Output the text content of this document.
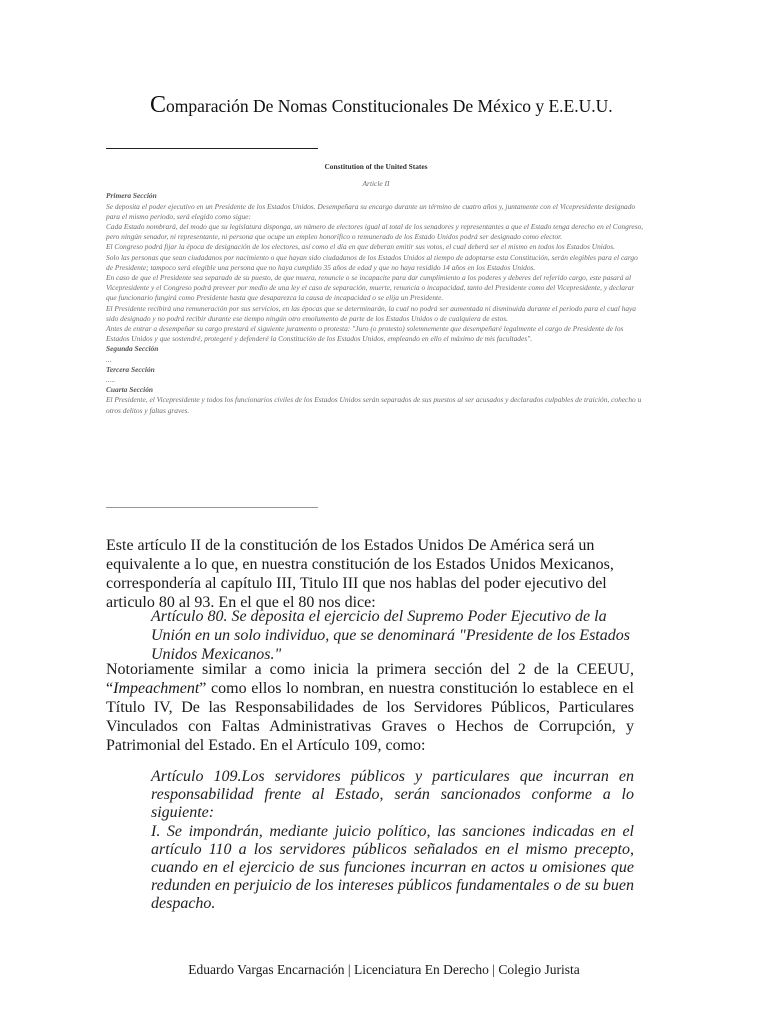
Comparación De Nomas Constitucionales De México y E.E.U.U.
Constitution of the United States
Article II

Primera Sección

Se deposita el poder ejecutivo en un Presidente de los Estados Unidos. Desempeñara su encargo durante un término de cuatro años y, juntamente con el Vicepresidente designado para el mismo periodo, será elegido como sigue:

Cada Estado nombrará, del modo que su legislatura disponga, un número de electores igual al total de los senadores y representantes a que el Estado tenga derecho en el Congreso, pero ningún senador, ni representante, ni persona que ocupe un empleo honorífico o remunerado de los Estado Unidos podrá ser designado como elector.

El Congreso podrá fijar la época de designación de los electores, así como el día en que deberan emitir sus votos, el cual deberá ser el mismo en todos los Estados Unidos.

Solo las personas que sean ciudadanos por nacimiento o que hayan sido ciudadanos de los Estados Unidos al tiempo de adoptarse esta Constitución, serán elegibles para el cargo de Presidente; tampoco será elegible una persona que no haya cumplido 35 años de edad y que no haya residido 14 años en los Estados Unidos.

En caso de que el Presidente sea separado de su puesto, de que muera, renuncie o se incapacite para dar cumplimiento a los poderes y deberes del referido cargo, este pasará al Vicepresidente y el Congreso podrá preveer por medio de una ley el caso de separación, muerte, renuncia o incapacidad, tanto del Presidente como del Vicepresidente, y declarar que funcionario fungirá como Presidente hasta que desaparezca la causa de incapacidad o se elija un Presidente.

El Presidente recibirá una remuneración por sus servicios, en las épocas que se determinarán, la cual no podrá ser aumentada ni disminuida durante el periodo para el cual haya sido designado y no podrá recibir durante ese tiempo ningún otro emolumento de parte de los Estados Unidos o de cualquiera de estos.

Antes de entrar a desempeñar su cargo prestará el siguiente juramento o protesta: "Juro (o protesto) solemnemente que desempeñaré legalmente el cargo de Presidente de los Estados Unidos y que sostendré, protegeré y defenderé la Constitución de los Estados Unidos, empleando en ello el máximo de mis facultades".

Segunda Sección

...

Tercera Sección

.....

Cuarta Sección

El Presidente, el Vicepresidente y todos los funcionarios civiles de los Estados Unidos serán separados de sus puestos al ser acusados y declarados culpables de traición, cohecho u otros delitos y faltas graves.

Este artículo II de la constitución de los Estados Unidos De América será un equivalente a lo que, en nuestra constitución de los Estados Unidos Mexicanos, correspondería al capítulo III, Titulo III que nos hablas del poder ejecutivo del articulo 80 al 93. En el que el 80 nos dice:

Artículo 80. Se deposita el ejercicio del Supremo Poder Ejecutivo de la Unión en un solo individuo, que se denominará "Presidente de los Estados Unidos Mexicanos."

Notoriamente similar a como inicia la primera sección del 2 de la CEEUU, “Impeachment” como ellos lo nombran, en nuestra constitución lo establece en el Título IV, De las Responsabilidades de los Servidores Públicos, Particulares Vinculados con Faltas Administrativas Graves o Hechos de Corrupción, y Patrimonial del Estado. En el Artículo 109, como:

Artículo 109.Los servidores públicos y particulares que incurran en responsabilidad frente al Estado, serán sancionados conforme a lo siguiente:

I. Se impondrán, mediante juicio político, las sanciones indicadas en el artículo 110 a los servidores públicos señalados en el mismo precepto, cuando en el ejercicio de sus funciones incurran en actos u omisiones que redunden en perjuicio de los intereses públicos fundamentales o de su buen despacho.

Eduardo Vargas Encarnación | Licenciatura En Derecho | Colegio Jurista
